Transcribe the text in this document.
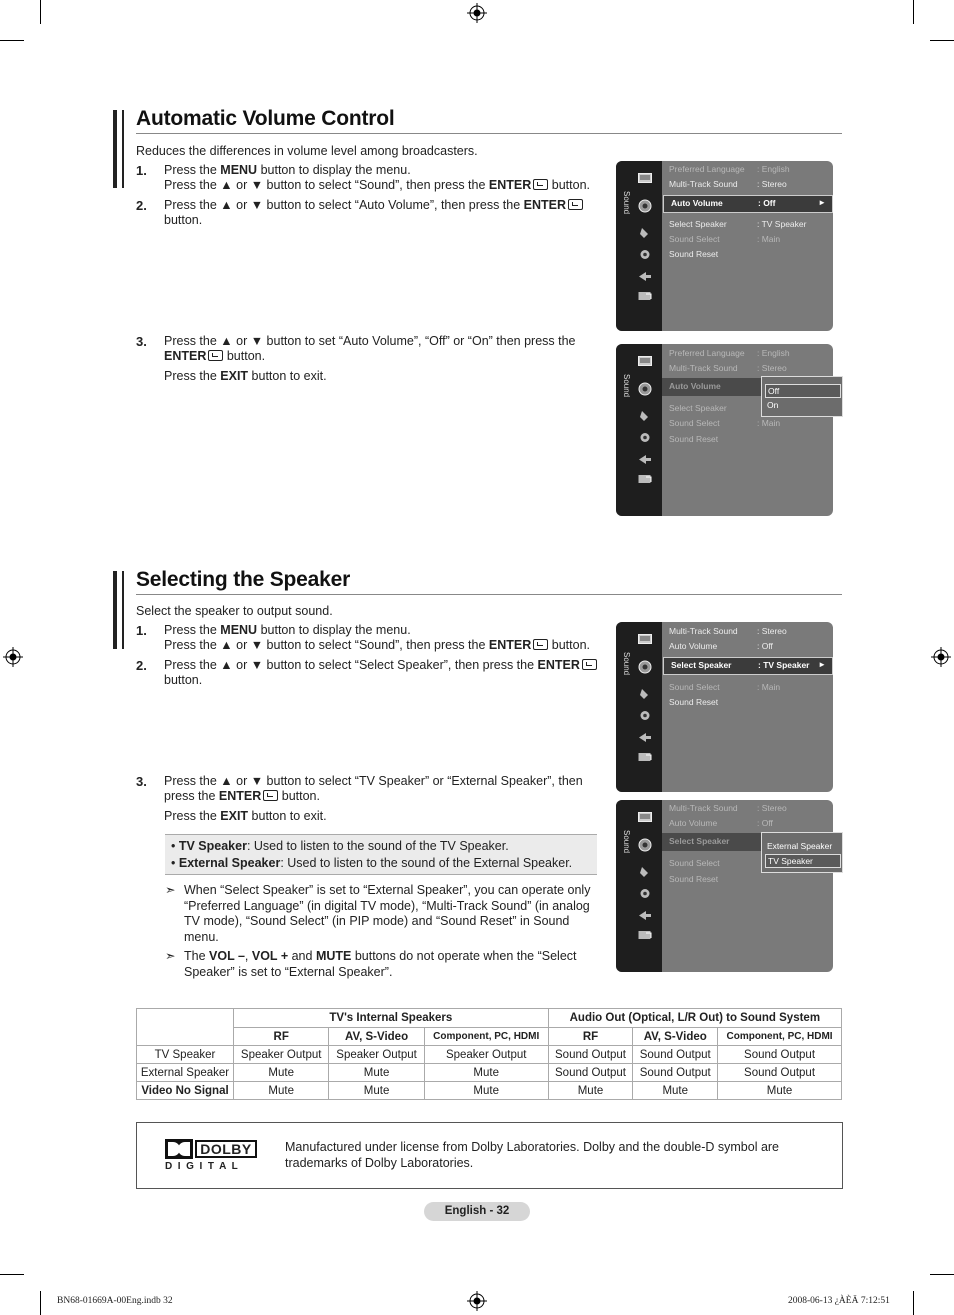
Automatic Volume Control
Reduces the differences in volume level among broadcasters.
1. Press the MENU button to display the menu.
Press the ▲ or ▼ button to select “Sound”, then press the ENTER button.
2. Press the ▲ or ▼ button to select “Auto Volume”, then press the ENTER
button.
3. Press the ▲ or ▼ button to set “Auto Volume”, “Off” or “On” then press the
ENTER button.
Press the EXIT button to exit.
Sound
Preferred Language : English
Multi-Track Sound : Stereo
Auto Volume	: Off	►
Select Speaker	: TV Speaker
Sound Select	: Main
Sound Reset
Sound
Preferred Language : English
Multi-Track Sound : Stereo
Auto Volume
Select Speaker
Sound Select	: Main
Sound Reset
Off
On
Selecting the Speaker
Select the speaker to output sound.
1. Press the MENU button to display the menu.
Press the ▲ or ▼ button to select “Sound”, then press the ENTER button.
2. Press the ▲ or ▼ button to select “Select Speaker”, then press the ENTER
button.
3. Press the ▲ or ▼ button to select “TV Speaker” or “External Speaker”, then
press the ENTER button.
Press the EXIT button to exit.
• TV Speaker: Used to listen to the sound of the TV Speaker.
• External Speaker: Used to listen to the sound of the External Speaker.
➣ When “Select Speaker” is set to “External Speaker”, you can operate only
“Preferred Language” (in digital TV mode), “Multi-Track Sound” (in analog
TV mode), “Sound Select” (in PIP mode) and “Sound Reset” in Sound
menu.
➣ The VOL –, VOL + and MUTE buttons do not operate when the “Select
Speaker” is set to “External Speaker”.
Sound
Multi-Track Sound : Stereo
Auto Volume	: Off
Select Speaker	: TV Speaker ►
Sound Select	: Main
Sound Reset
Sound
Multi-Track Sound : Stereo
Auto Volume	: Off
Select Speaker
Sound Select
Sound Reset
External Speaker
TV Speaker
	TV's Internal Speakers			Audio Out (Optical, L/R Out) to Sound System		
	RF	AV, S-Video	Component, PC, HDMI	RF	AV, S-Video	Component, PC, HDMI
TV Speaker	Speaker Output	Speaker Output	Speaker Output	Sound Output	Sound Output	Sound Output
External Speaker	Mute	Mute	Mute	Sound Output	Sound Output	Sound Output
Video No Signal	Mute	Mute	Mute	Mute	Mute	Mute
DOLBY
D I G I T A L
Manufactured under license from Dolby Laboratories. Dolby and the double-D symbol are
trademarks of Dolby Laboratories.
English - 32
BN68-01669A-00Eng.indb 32	2008-06-13 ¿ÀÈÄ 7:12:51
